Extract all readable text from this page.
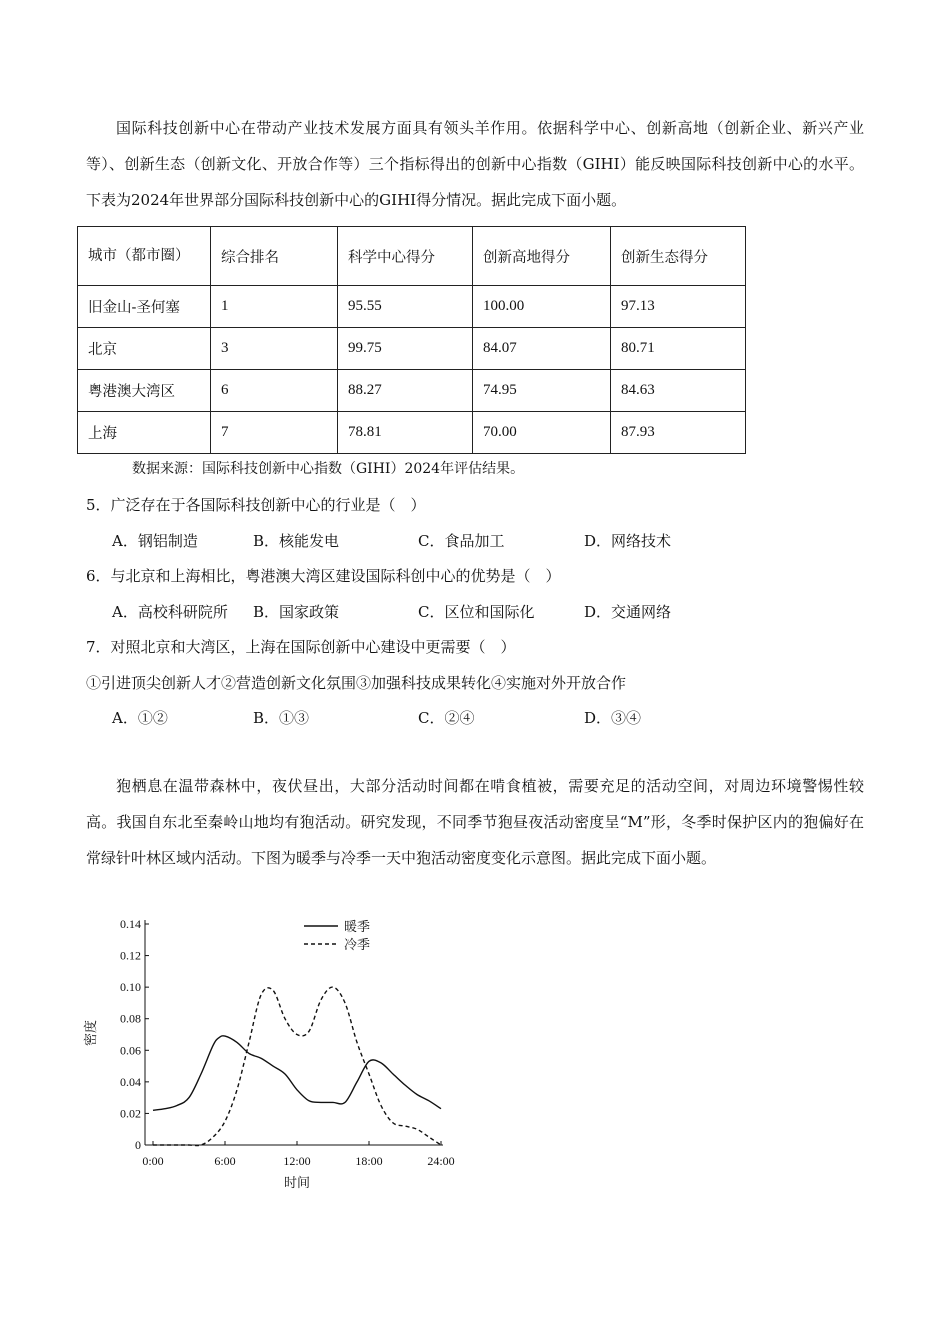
国际科技创新中心在带动产业技术发展方面具有领头羊作用。依据科学中心、创新高地（创新企业、新兴产业等）、创新生态（创新文化、开放合作等）三个指标得出的创新中心指数（GIHI）能反映国际科技创新中心的水平。下表为2024年世界部分国际科技创新中心的GIHI得分情况。据此完成下面小题。
城市（都市圈）	综合排名	科学中心得分	创新高地得分	创新生态得分
旧金山-圣何塞	1	95.55	100.00	97.13
北京	3	99.75	84.07	80.71
粤港澳大湾区	6	88.27	74.95	84.63
上海	7	78.81	70.00	87.93
数据来源：国际科技创新中心指数（GIHI）2024年评估结果。
5．广泛存在于各国际科技创新中心的行业是（　）
A．钢铝制造	B．核能发电	C．食品加工	D．网络技术
6．与北京和上海相比，粤港澳大湾区建设国际科创中心的优势是（　）
A．高校科研院所 B．国家政策	C．区位和国际化	D．交通网络
7．对照北京和大湾区，上海在国际创新中心建设中更需要（　）
①引进顶尖创新人才②营造创新文化氛围③加强科技成果转化④实施对外开放合作
A．①②	B．①③	C．②④	D．③④
狍栖息在温带森林中，夜伏昼出，大部分活动时间都在啃食植被，需要充足的活动空间，对周边环境警惕性较高。我国自东北至秦岭山地均有狍活动。研究发现，不同季节狍昼夜活动密度呈“M”形，冬季时保护区内的狍偏好在常绿针叶林区域内活动。下图为暖季与冷季一天中狍活动密度变化示意图。据此完成下面小题。
0
0.02
0.04
0.06
0.08
0.10
0.12
0.14
0:00	6:00	12:00	18:00	24:00
密度
时间
暖季
冷季
